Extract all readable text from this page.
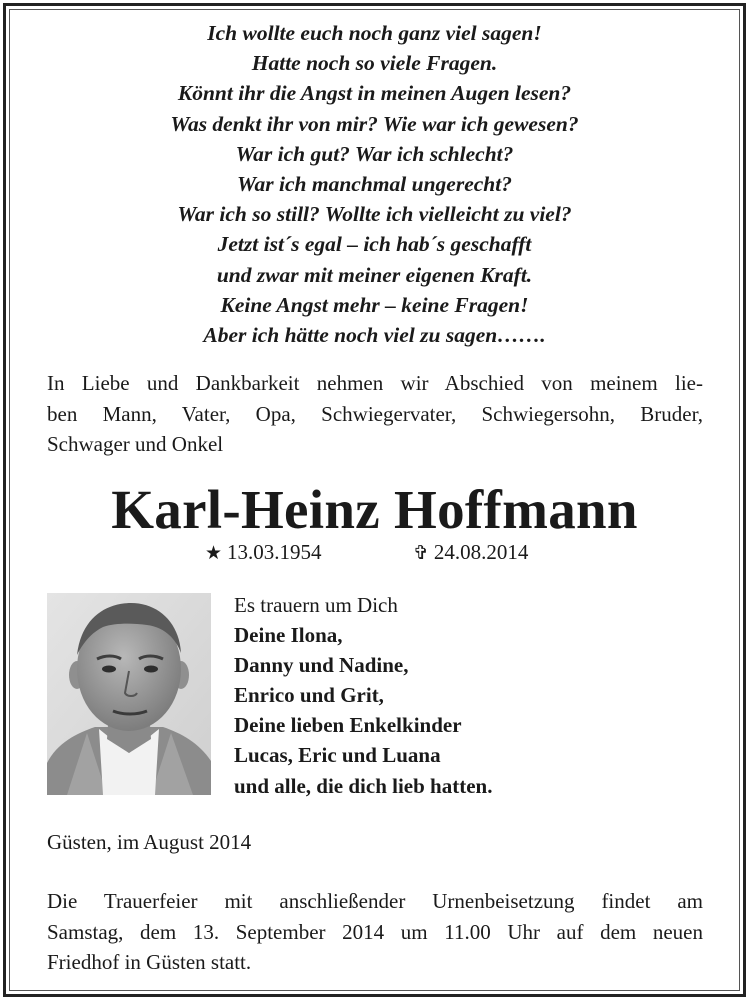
Ich wollte euch noch ganz viel sagen!
Hatte noch so viele Fragen.
Könnt ihr die Angst in meinen Augen lesen?
Was denkt ihr von mir? Wie war ich gewesen?
War ich gut? War ich schlecht?
War ich manchmal ungerecht?
War ich so still? Wollte ich vielleicht zu viel?
Jetzt ist´s egal – ich hab´s geschafft
und zwar mit meiner eigenen Kraft.
Keine Angst mehr – keine Fragen!
Aber ich hätte noch viel zu sagen…….
In Liebe und Dankbarkeit nehmen wir Abschied von meinem lie-
ben Mann, Vater, Opa, Schwiegervater, Schwiegersohn, Bruder,
Schwager und Onkel
Karl-Heinz Hoffmann
★ 13.03.1954	✞ 24.08.2014
Es trauern um Dich
Deine Ilona,
Danny und Nadine,
Enrico und Grit,
Deine lieben Enkelkinder
Lucas, Eric und Luana
und alle, die dich lieb hatten.
Güsten, im August 2014
Die Trauerfeier mit anschließender Urnenbeisetzung findet am
Samstag, dem 13. September 2014 um 11.00 Uhr auf dem neuen
Friedhof in Güsten statt.
